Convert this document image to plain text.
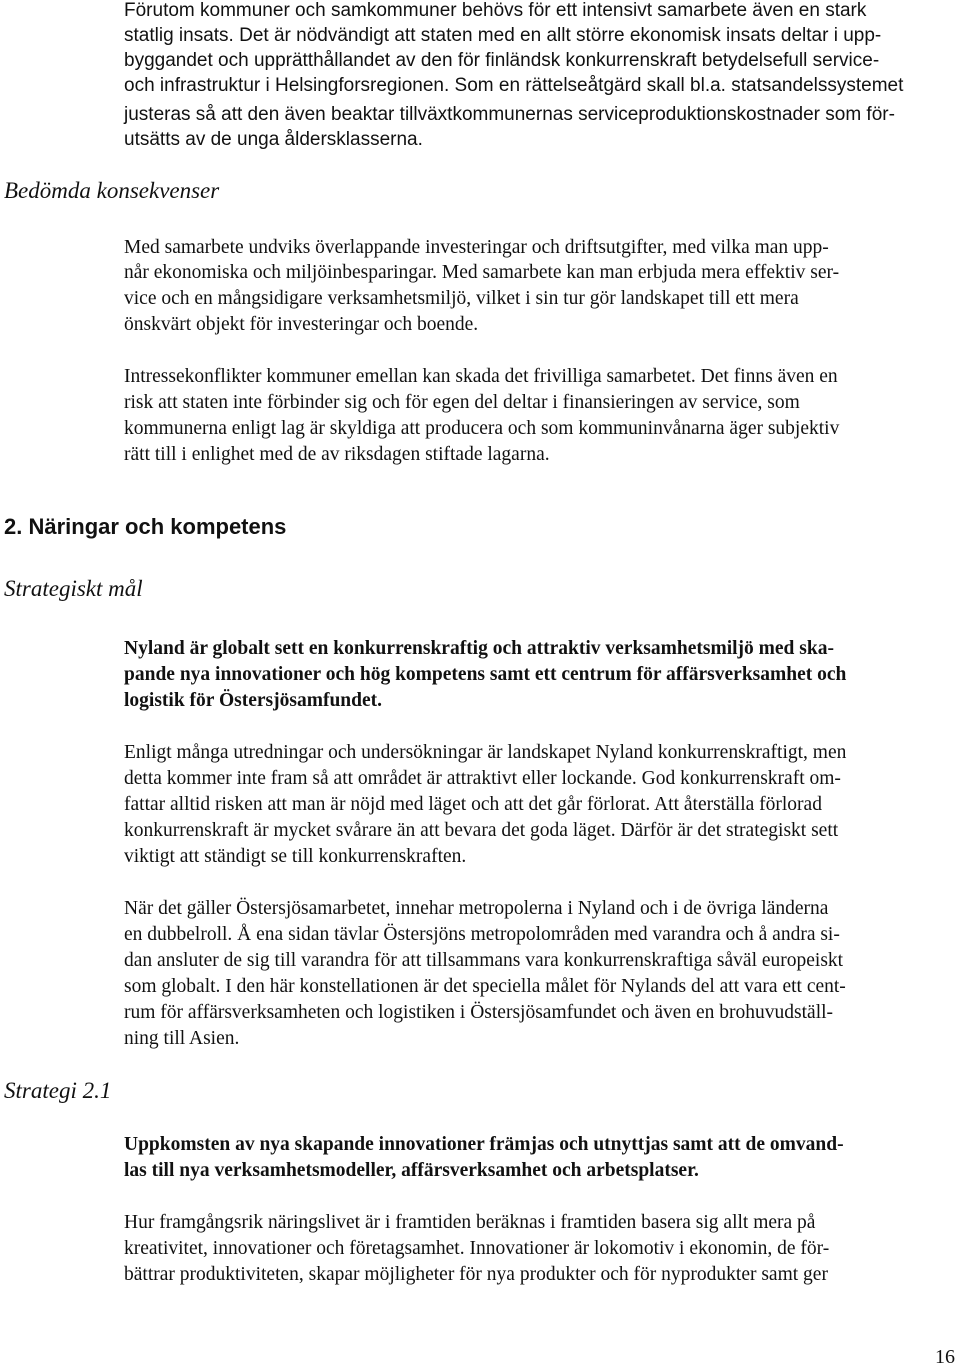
Förutom kommuner och samkommuner behövs för ett intensivt samarbete även en stark
statlig insats. Det är nödvändigt att staten med en allt större ekonomisk insats deltar i upp-
byggandet och upprätthållandet av den för finländsk konkurrenskraft betydelsefull service-
och infrastruktur i Helsingforsregionen. Som en rättelseåtgärd skall bl.a. statsandelssystemet
justeras så att den även beaktar tillväxtkommunernas serviceproduktionskostnader som för-
utsätts av de unga åldersklasserna.
Bedömda konsekvenser
Med samarbete undviks överlappande investeringar och driftsutgifter, med vilka man upp-
når ekonomiska och miljöinbesparingar. Med samarbete kan man erbjuda mera effektiv ser-
vice och en mångsidigare verksamhetsmiljö, vilket i sin tur gör landskapet till ett mera
önskvärt objekt för investeringar och boende.
Intressekonflikter kommuner emellan kan skada det frivilliga samarbetet. Det finns även en
risk att staten inte förbinder sig och för egen del deltar i finansieringen av service, som
kommunerna enligt lag är skyldiga att producera och som kommuninvånarna äger subjektiv
rätt till i enlighet med de av riksdagen stiftade lagarna.
2. Näringar och kompetens
Strategiskt mål
Nyland är globalt sett en konkurrenskraftig och attraktiv verksamhetsmiljö med ska-
pande nya innovationer och hög kompetens samt ett centrum för affärsverksamhet och
logistik för Östersjösamfundet.
Enligt många utredningar och undersökningar är landskapet Nyland konkurrenskraftigt, men
detta kommer inte fram så att området är attraktivt eller lockande. God konkurrenskraft om-
fattar alltid risken att man är nöjd med läget och att det går förlorat. Att återställa förlorad
konkurrenskraft är mycket svårare än att bevara det goda läget. Därför är det strategiskt sett
viktigt att ständigt se till konkurrenskraften.
När det gäller Östersjösamarbetet, innehar metropolerna i Nyland och i de övriga länderna
en dubbelroll. Å ena sidan tävlar Östersjöns metropolområden med varandra och å andra si-
dan ansluter de sig till varandra för att tillsammans vara konkurrenskraftiga såväl europeiskt
som globalt. I den här konstellationen är det speciella målet för Nylands del att vara ett cent-
rum för affärsverksamheten och logistiken i Östersjösamfundet och även en brohuvudställ-
ning till Asien.
Strategi 2.1
Uppkomsten av nya skapande innovationer främjas och utnyttjas samt att de omvand-
las till nya verksamhetsmodeller, affärsverksamhet och arbetsplatser.
Hur framgångsrik näringslivet är i framtiden beräknas i framtiden basera sig allt mera på
kreativitet, innovationer och företagsamhet. Innovationer är lokomotiv i ekonomin, de för-
bättrar produktiviteten, skapar möjligheter för nya produkter och för nyprodukter samt ger
16
